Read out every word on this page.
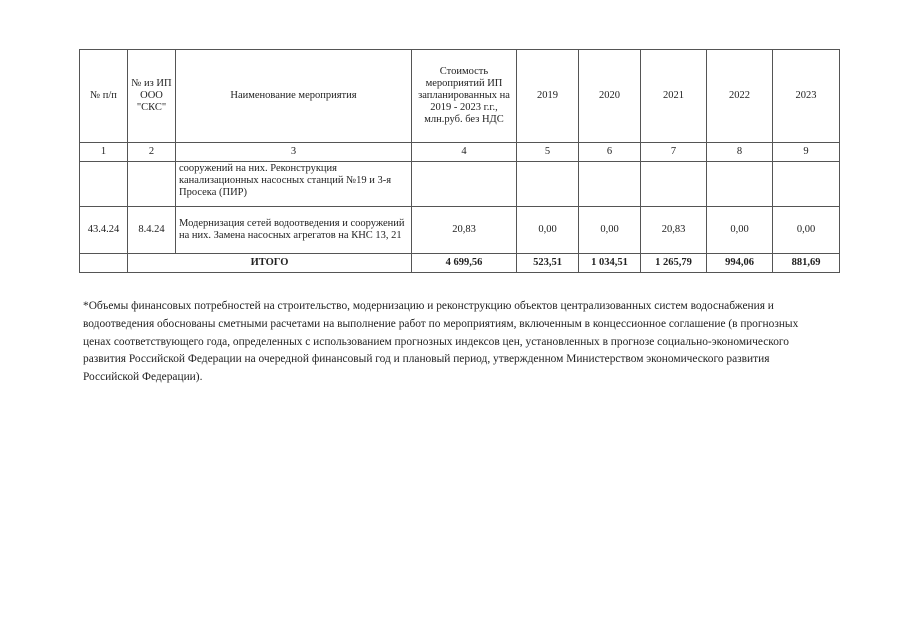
№ п/п	№ из ИП ООО "СКС"	Наименование мероприятия	Стоимость мероприятий ИП запланированных на 2019 - 2023 г.г., млн.руб. без НДС	2019	2020	2021	2022	2023
1	2	3	4	5	6	7	8	9
		сооружений на них. Реконструкция канализационных насосных станций №19 и 3-я Просека (ПИР)						
43.4.24	8.4.24	Модернизация сетей водоотведения и сооружений на них. Замена насосных агрегатов на КНС 13, 21	20,83	0,00	0,00	20,83	0,00	0,00
	ИТОГО		4 699,56	523,51	1 034,51	1 265,79	994,06	881,69

*Объемы финансовых потребностей на строительство, модернизацию и реконструкцию объектов централизованных систем водоснабжения и водоотведения обоснованы сметными расчетами на выполнение работ по мероприятиям, включенным в концессионное соглашение (в прогнозных ценах соответствующего года, определенных с использованием прогнозных индексов цен, установленных в прогнозе социально-экономического развития Российской Федерации на очередной финансовый год и плановый период, утвержденном Министерством экономического развития Российской Федерации).
